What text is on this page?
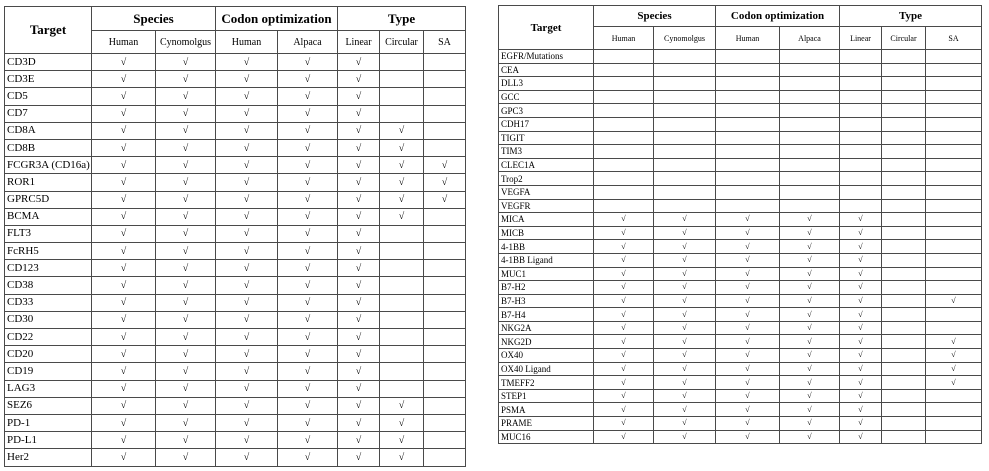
Target	Species		Codon optimization		Type		
	Human	Cynomolgus	Human	Alpaca	Linear	Circular	SA
CD3D	√	√	√	√	√		
CD3E	√	√	√	√	√		
CD5	√	√	√	√	√		
CD7	√	√	√	√	√		
CD8A	√	√	√	√	√	√	
CD8B	√	√	√	√	√	√	
FCGR3A (CD16a)	√	√	√	√	√	√	√
ROR1	√	√	√	√	√	√	√
GPRC5D	√	√	√	√	√	√	√
BCMA	√	√	√	√	√	√	
FLT3	√	√	√	√	√		
FcRH5	√	√	√	√	√		
CD123	√	√	√	√	√		
CD38	√	√	√	√	√		
CD33	√	√	√	√	√		
CD30	√	√	√	√	√		
CD22	√	√	√	√	√		
CD20	√	√	√	√	√		
CD19	√	√	√	√	√		
LAG3	√	√	√	√	√		
SEZ6	√	√	√	√	√	√	
PD-1	√	√	√	√	√	√	
PD-L1	√	√	√	√	√	√	
Her2	√	√	√	√	√	√	
Target	Species		Codon optimization		Type		
	Human	Cynomolgus	Human	Alpaca	Linear	Circular	SA
EGFR/Mutations							
CEA							
DLL3							
GCC							
GPC3							
CDH17							
TIGIT							
TIM3							
CLEC1A							
Trop2							
VEGFA							
VEGFR							
MICA	√	√	√	√	√		
MICB	√	√	√	√	√		
4-1BB	√	√	√	√	√		
4-1BB Ligand	√	√	√	√	√		
MUC1	√	√	√	√	√		
B7-H2	√	√	√	√	√		
B7-H3	√	√	√	√	√		√
B7-H4	√	√	√	√	√		
NKG2A	√	√	√	√	√		
NKG2D	√	√	√	√	√		√
OX40	√	√	√	√	√		√
OX40 Ligand	√	√	√	√	√		√
TMEFF2	√	√	√	√	√		√
STEP1	√	√	√	√	√		
PSMA	√	√	√	√	√		
PRAME	√	√	√	√	√		
MUC16	√	√	√	√	√		
